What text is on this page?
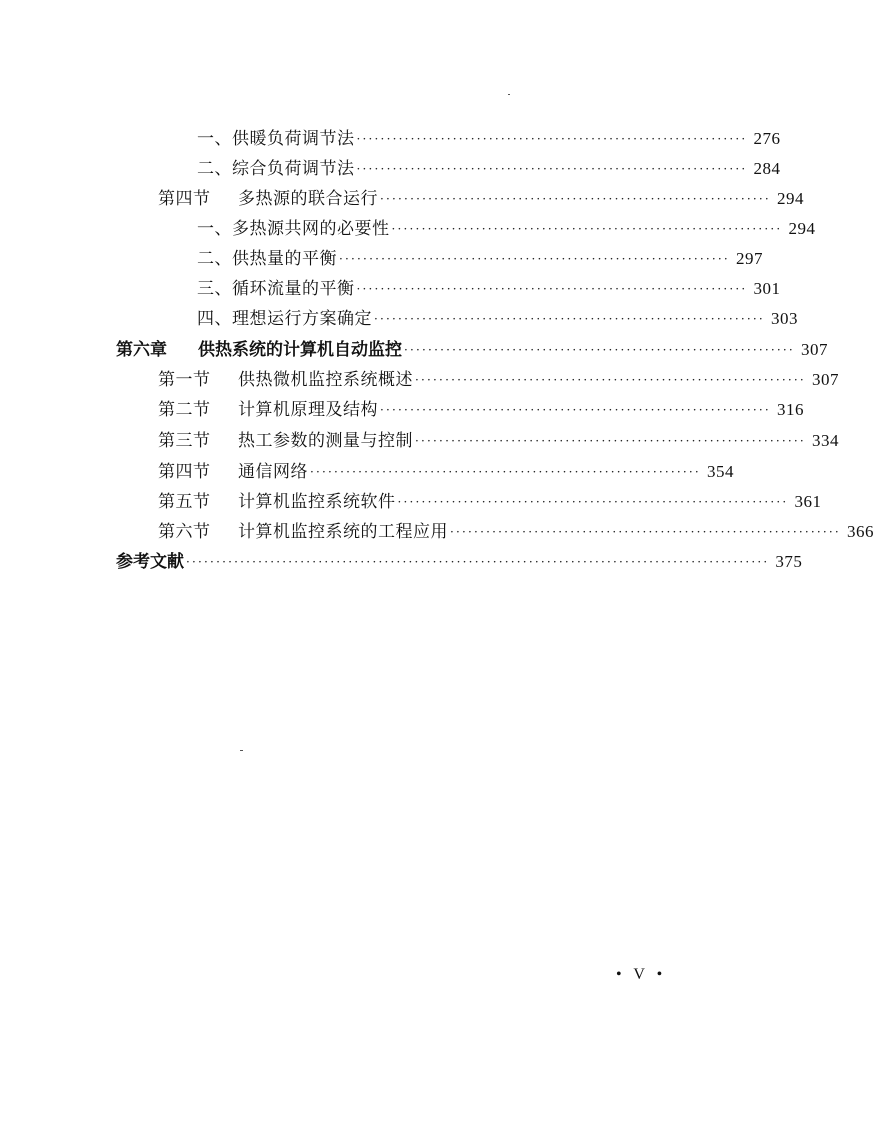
一、供暖负荷调节法 ································································· 276
二、综合负荷调节法 ································································· 284
第四节 多热源的联合运行 ································································· 294
一、多热源共网的必要性 ································································· 294
二、供热量的平衡 ································································· 297
三、循环流量的平衡 ································································· 301
四、理想运行方案确定 ································································· 303
第六章 供热系统的计算机自动监控 ································································· 307
第一节 供热微机监控系统概述 ································································· 307
第二节 计算机原理及结构 ································································· 316
第三节 热工参数的测量与控制 ································································· 334
第四节 通信网络 ································································· 354
第五节 计算机监控系统软件 ································································· 361
第六节 计算机监控系统的工程应用 ································································· 366
参考文献 ································································································· 375
• V •
